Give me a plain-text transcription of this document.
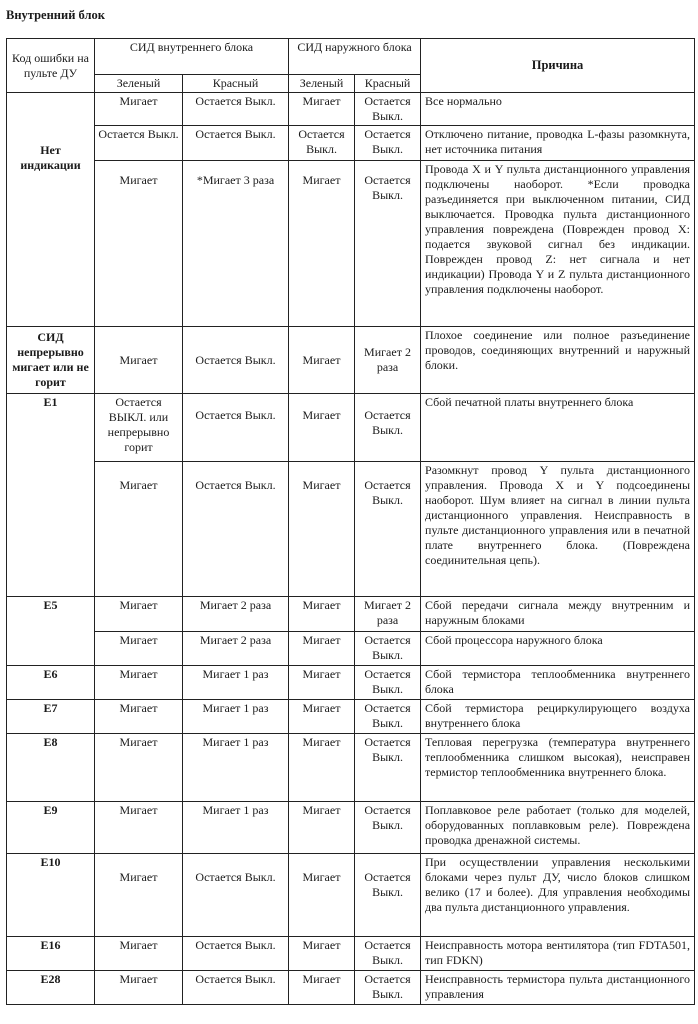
Внутренний блок
Код ошибки на пульте ДУ	СИД внутреннего блока		СИД наружного блока		Причина
	Зеленый	Красный	Зеленый	Красный	
Нет индикации	Мигает	Остается Выкл.	Мигает	Остается Выкл.	Все нормально
	Остается Выкл.	Остается Выкл.	Остается Выкл.	Остается Выкл.	Отключено питание, проводка L-фазы разомкнута, нет источника питания
	Мигает	*Мигает 3 раза	Мигает	Остается Выкл.	Провода X и Y пульта дистанционного управления подключены наоборот. *Если проводка разъединяется при выключенном питании, СИД выключается. Проводка пульта дистанционного управления повреждена (Поврежден провод X: подается звуковой сигнал без индикации. Поврежден провод Z: нет сигнала и нет индикации) Провода Y и Z пульта дистанционного управления подключены наоборот.
СИД непрерывно мигает или не горит	Мигает	Остается Выкл.	Мигает	Мигает 2 раза	Плохое соединение или полное разъединение проводов, соединяющих внутренний и наружный блоки.
E1	Остается ВЫКЛ. или непрерывно горит	Остается Выкл.	Мигает	Остается Выкл.	Сбой печатной платы внутреннего блока
	Мигает	Остается Выкл.	Мигает	Остается Выкл.	Разомкнут провод Y пульта дистанционного управления. Провода X и Y подсоединены наоборот. Шум влияет на сигнал в линии пульта дистанционного управления. Неисправность в пульте дистанционного управления или в печатной плате внутреннего блока. (Повреждена соединительная цепь).
E5	Мигает	Мигает 2 раза	Мигает	Мигает 2 раза	Сбой передачи сигнала между внутренним и наружным блоками
	Мигает	Мигает 2 раза	Мигает	Остается Выкл.	Сбой процессора наружного блока
E6	Мигает	Мигает 1 раз	Мигает	Остается Выкл.	Сбой термистора теплообменника внутреннего блока
E7	Мигает	Мигает 1 раз	Мигает	Остается Выкл.	Сбой термистора рециркулирующего воздуха внутреннего блока
E8	Мигает	Мигает 1 раз	Мигает	Остается Выкл.	Тепловая перегрузка (температура внутреннего теплообменника слишком высокая), неисправен термистор теплообменника внутреннего блока.
E9	Мигает	Мигает 1 раз	Мигает	Остается Выкл.	Поплавковое реле работает (только для моделей, оборудованных поплавковым реле). Повреждена проводка дренажной системы.
E10	Мигает	Остается Выкл.	Мигает	Остается Выкл.	При осуществлении управления несколькими блоками через пульт ДУ, число блоков слишком велико (17 и более). Для управления необходимы два пульта дистанционного управления.
E16	Мигает	Остается Выкл.	Мигает	Остается Выкл.	Неисправность мотора вентилятора (тип FDTA501, тип FDKN)
E28	Мигает	Остается Выкл.	Мигает	Остается Выкл.	Неисправность термистора пульта дистанционного управления
